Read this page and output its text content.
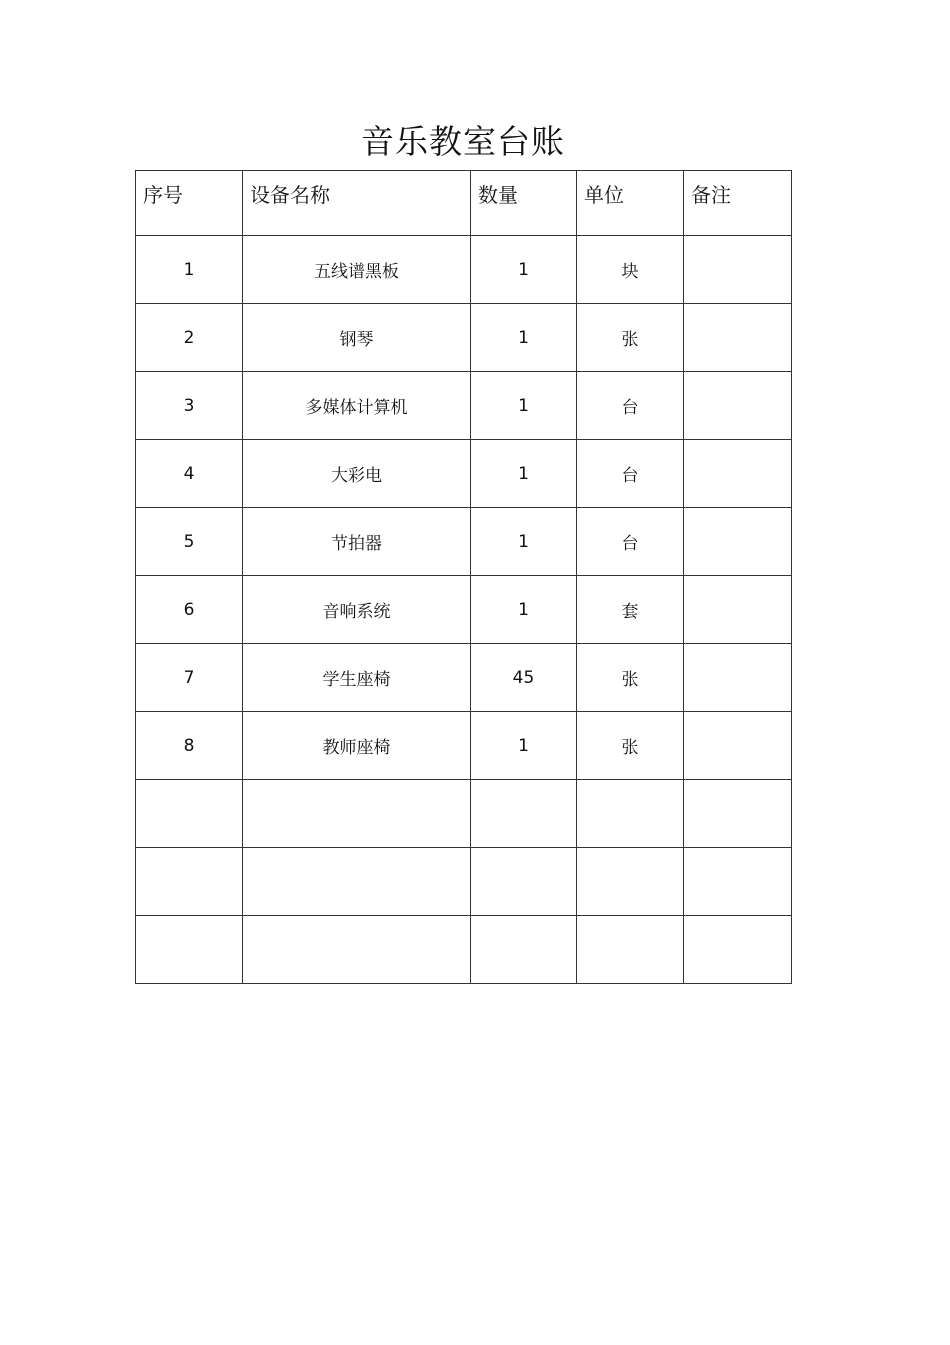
音乐教室台账
序号	设备名称	数量	单位	备注
1	五线谱黑板	1	块	
2	钢琴	1	张	
3	多媒体计算机	1	台	
4	大彩电	1	台	
5	节拍器	1	台	
6	音响系统	1	套	
7	学生座椅	45	张	
8	教师座椅	1	张	
